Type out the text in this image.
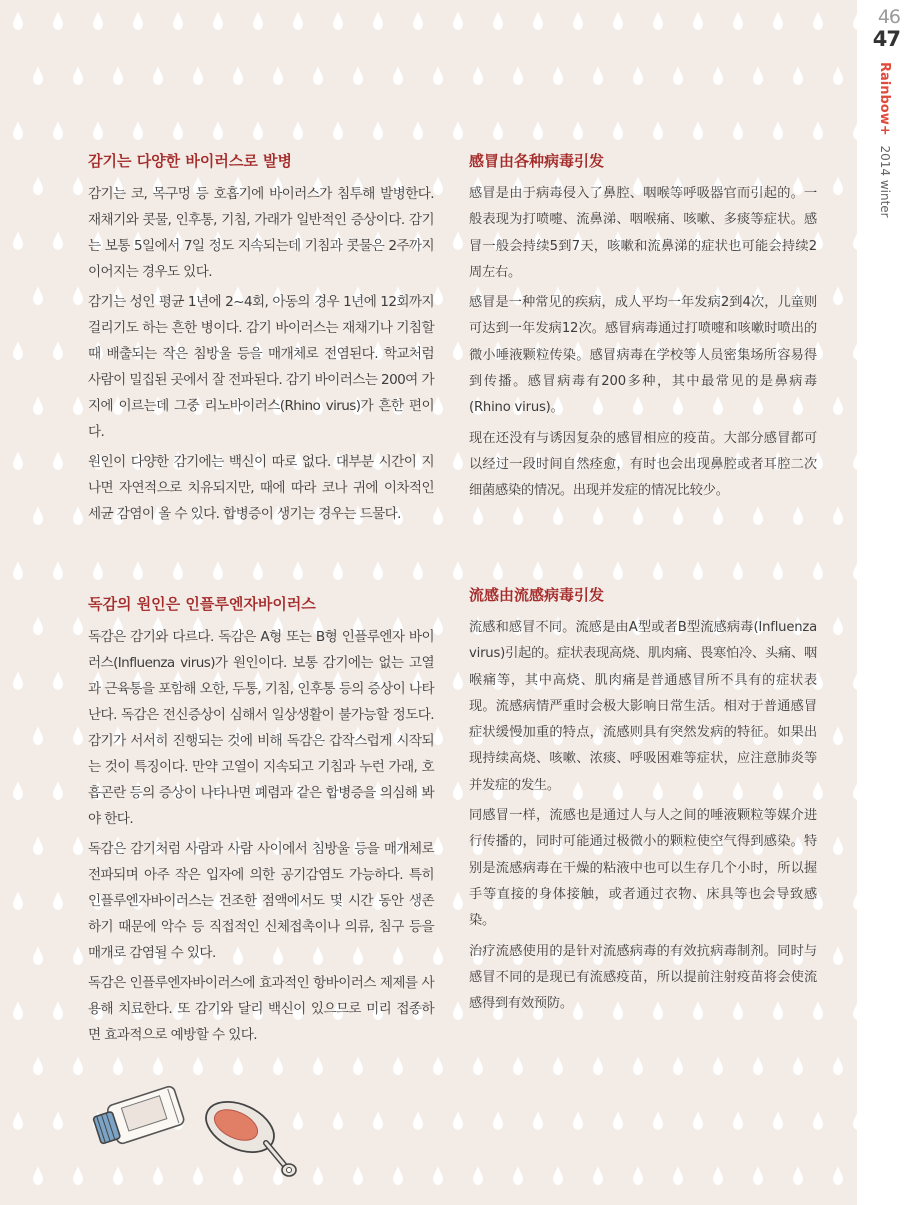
감기는 다양한 바이러스로 발병

감기는 코, 목구멍 등 호흡기에 바이러스가 침투해 발병한다. 재채기와 콧물, 인후통, 기침, 가래가 일반적인 증상이다. 감기는 보통 5일에서 7일 정도 지속되는데 기침과 콧물은 2주까지 이어지는 경우도 있다.

감기는 성인 평균 1년에 2~4회, 아동의 경우 1년에 12회까지 걸리기도 하는 흔한 병이다. 감기 바이러스는 재채기나 기침할 때 배출되는 작은 침방울 등을 매개체로 전염된다. 학교처럼 사람이 밀집된 곳에서 잘 전파된다. 감기 바이러스는 200여 가지에 이르는데 그중 리노바이러스(Rhino virus)가 흔한 편이다.

원인이 다양한 감기에는 백신이 따로 없다. 대부분 시간이 지나면 자연적으로 치유되지만, 때에 따라 코나 귀에 이차적인 세균 감염이 올 수 있다. 합병증이 생기는 경우는 드물다.

독감의 원인은 인플루엔자바이러스

독감은 감기와 다르다. 독감은 A형 또는 B형 인플루엔자 바이러스(Influenza virus)가 원인이다. 보통 감기에는 없는 고열과 근육통을 포함해 오한, 두통, 기침, 인후통 등의 증상이 나타난다. 독감은 전신증상이 심해서 일상생활이 불가능할 정도다. 감기가 서서히 진행되는 것에 비해 독감은 갑작스럽게 시작되는 것이 특징이다. 만약 고열이 지속되고 기침과 누런 가래, 호흡곤란 등의 증상이 나타나면 폐렴과 같은 합병증을 의심해 봐야 한다.

독감은 감기처럼 사람과 사람 사이에서 침방울 등을 매개체로 전파되며 아주 작은 입자에 의한 공기감염도 가능하다. 특히 인플루엔자바이러스는 건조한 점액에서도 몇 시간 동안 생존하기 때문에 악수 등 직접적인 신체접촉이나 의류, 침구 등을 매개로 감염될 수 있다.

독감은 인플루엔자바이러스에 효과적인 항바이러스 제제를 사용해 치료한다. 또 감기와 달리 백신이 있으므로 미리 접종하면 효과적으로 예방할 수 있다.

感冒由各种病毒引发

感冒是由于病毒侵入了鼻腔、咽喉等呼吸器官而引起的。一般表现为打喷嚏、流鼻涕、咽喉痛、咳嗽、多痰等症状。感冒一般会持续5到7天，咳嗽和流鼻涕的症状也可能会持续2周左右。

感冒是一种常见的疾病，成人平均一年发病2到4次，儿童则可达到一年发病12次。感冒病毒通过打喷嚏和咳嗽时喷出的微小唾液颗粒传染。感冒病毒在学校等人员密集场所容易得到传播。感冒病毒有200多种，其中最常见的是鼻病毒(Rhino virus)。

现在还没有与诱因复杂的感冒相应的疫苗。大部分感冒都可以经过一段时间自然痊愈，有时也会出现鼻腔或者耳腔二次细菌感染的情况。出现并发症的情况比较少。

流感由流感病毒引发

流感和感冒不同。流感是由A型或者B型流感病毒(Influenza virus)引起的。症状表现高烧、肌肉痛、畏寒怕冷、头痛、咽喉痛等，其中高烧、肌肉痛是普通感冒所不具有的症状表现。流感病情严重时会极大影响日常生活。相对于普通感冒症状缓慢加重的特点，流感则具有突然发病的特征。如果出现持续高烧、咳嗽、浓痰、呼吸困难等症状，应注意肺炎等并发症的发生。

同感冒一样，流感也是通过人与人之间的唾液颗粒等媒介进行传播的，同时可能通过极微小的颗粒使空气得到感染。特别是流感病毒在干燥的粘液中也可以生存几个小时，所以握手等直接的身体接触，或者通过衣物、床具等也会导致感染。

治疗流感使用的是针对流感病毒的有效抗病毒制剂。同时与感冒不同的是现已有流感疫苗，所以提前注射疫苗将会使流感得到有效预防。

46
47
Rainbow+ 2014 winter
